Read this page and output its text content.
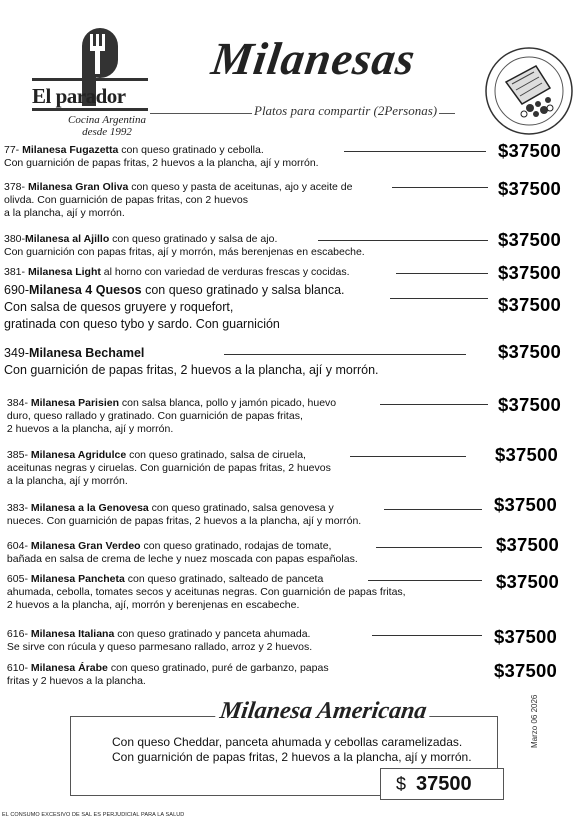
El parador
Cocina Argentina
desde 1992
Milanesas
Platos para compartir (2Personas)
77- Milanesa Fugazetta con queso gratinado y cebolla.
Con guarnición de papas fritas, 2 huevos a la plancha, ají y morrón.
$37500
378- Milanesa Gran Oliva con queso y pasta de aceitunas, ajo y aceite de
olivda. Con guarnición de papas fritas, con 2 huevos
a la plancha, ají y morrón.
$37500
380-Milanesa al Ajillo con queso gratinado y salsa de ajo.
Con guarnición con papas fritas, ají y morrón, más berenjenas en escabeche.
$37500
381- Milanesa Light al horno con variedad de verduras frescas y cocidas.	$37500
690-Milanesa 4 Quesos con queso gratinado y salsa blanca.
Con salsa de quesos gruyere y roquefort,
gratinada con queso tybo y sardo. Con guarnición
$37500
349-Milanesa Bechamel
Con guarnición de papas fritas, 2 huevos a la plancha, ají y morrón.
$37500
384- Milanesa Parisien con salsa blanca, pollo y jamón picado, huevo
duro, queso rallado y gratinado. Con guarnición de papas fritas,
2 huevos a la plancha, ají y morrón.
$37500
385- Milanesa Agridulce con queso gratinado, salsa de ciruela,
aceitunas negras y ciruelas. Con guarnición de papas fritas, 2 huevos
a la plancha, ají y morrón.
$37500
383- Milanesa a la Genovesa con queso gratinado, salsa genovesa y
nueces. Con guarnición de papas fritas, 2 huevos a la plancha, ají y morrón.
$37500
604- Milanesa Gran Verdeo con queso gratinado, rodajas de tomate,
bañada en salsa de crema de leche y nuez moscada con papas españolas.
$37500
605- Milanesa Pancheta con queso gratinado, salteado de panceta
ahumada, cebolla, tomates secos y aceitunas negras. Con guarnición de papas fritas,
2 huevos a la plancha, ají, morrón y berenjenas en escabeche.
$37500
616- Milanesa Italiana con queso gratinado y panceta ahumada.
Se sirve con rúcula y queso parmesano rallado, arroz y 2 huevos.
$37500
610- Milanesa Árabe con queso gratinado, puré de garbanzo, papas
fritas y 2 huevos a la plancha.
$37500
Milanesa Americana
Con queso Cheddar, panceta ahumada y cebollas caramelizadas.
Con guarnición de papas fritas, 2 huevos a la plancha, ají y morrón.
$ 37500
Marzo 06 2026
EL CONSUMO EXCESIVO DE SAL ES PERJUDICIAL PARA LA SALUD
